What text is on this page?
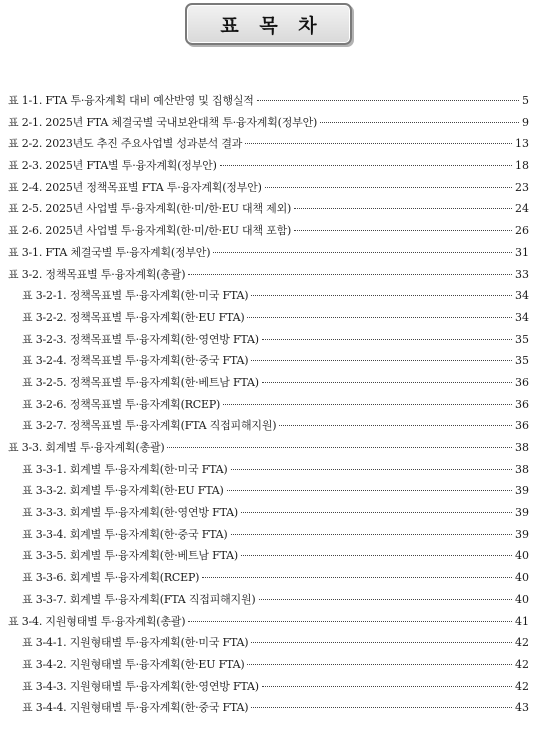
표 목 차
표 1-1. FTA 투·융자계획 대비 예산반영 및 집행실적	5
표 2-1. 2025년 FTA 체결국별 국내보완대책 투·융자계획(정부안)	9
표 2-2. 2023년도 추진 주요사업별 성과분석 결과	13
표 2-3. 2025년 FTA별 투·융자계획(정부안)	18
표 2-4. 2025년 정책목표별 FTA 투·융자계획(정부안)	23
표 2-5. 2025년 사업별 투·융자계획(한·미/한·EU 대책 제외)	24
표 2-6. 2025년 사업별 투·융자계획(한·미/한·EU 대책 포함)	26
표 3-1. FTA 체결국별 투·융자계획(정부안)	31
표 3-2. 정책목표별 투·융자계획(총괄)	33
표 3-2-1. 정책목표별 투·융자계획(한·미국 FTA)	34
표 3-2-2. 정책목표별 투·융자계획(한·EU FTA)	34
표 3-2-3. 정책목표별 투·융자계획(한·영연방 FTA)	35
표 3-2-4. 정책목표별 투·융자계획(한·중국 FTA)	35
표 3-2-5. 정책목표별 투·융자계획(한·베트남 FTA)	36
표 3-2-6. 정책목표별 투·융자계획(RCEP)	36
표 3-2-7. 정책목표별 투·융자계획(FTA 직접피해지원)	36
표 3-3. 회계별 투·융자계획(총괄)	38
표 3-3-1. 회계별 투·융자계획(한·미국 FTA)	38
표 3-3-2. 회계별 투·융자계획(한·EU FTA)	39
표 3-3-3. 회계별 투·융자계획(한·영연방 FTA)	39
표 3-3-4. 회계별 투·융자계획(한·중국 FTA)	39
표 3-3-5. 회계별 투·융자계획(한·베트남 FTA)	40
표 3-3-6. 회계별 투·융자계획(RCEP)	40
표 3-3-7. 회계별 투·융자계획(FTA 직접피해지원)	40
표 3-4. 지원형태별 투·융자계획(총괄)	41
표 3-4-1. 지원형태별 투·융자계획(한·미국 FTA)	42
표 3-4-2. 지원형태별 투·융자계획(한·EU FTA)	42
표 3-4-3. 지원형태별 투·융자계획(한·영연방 FTA)	42
표 3-4-4. 지원형태별 투·융자계획(한·중국 FTA)	43
